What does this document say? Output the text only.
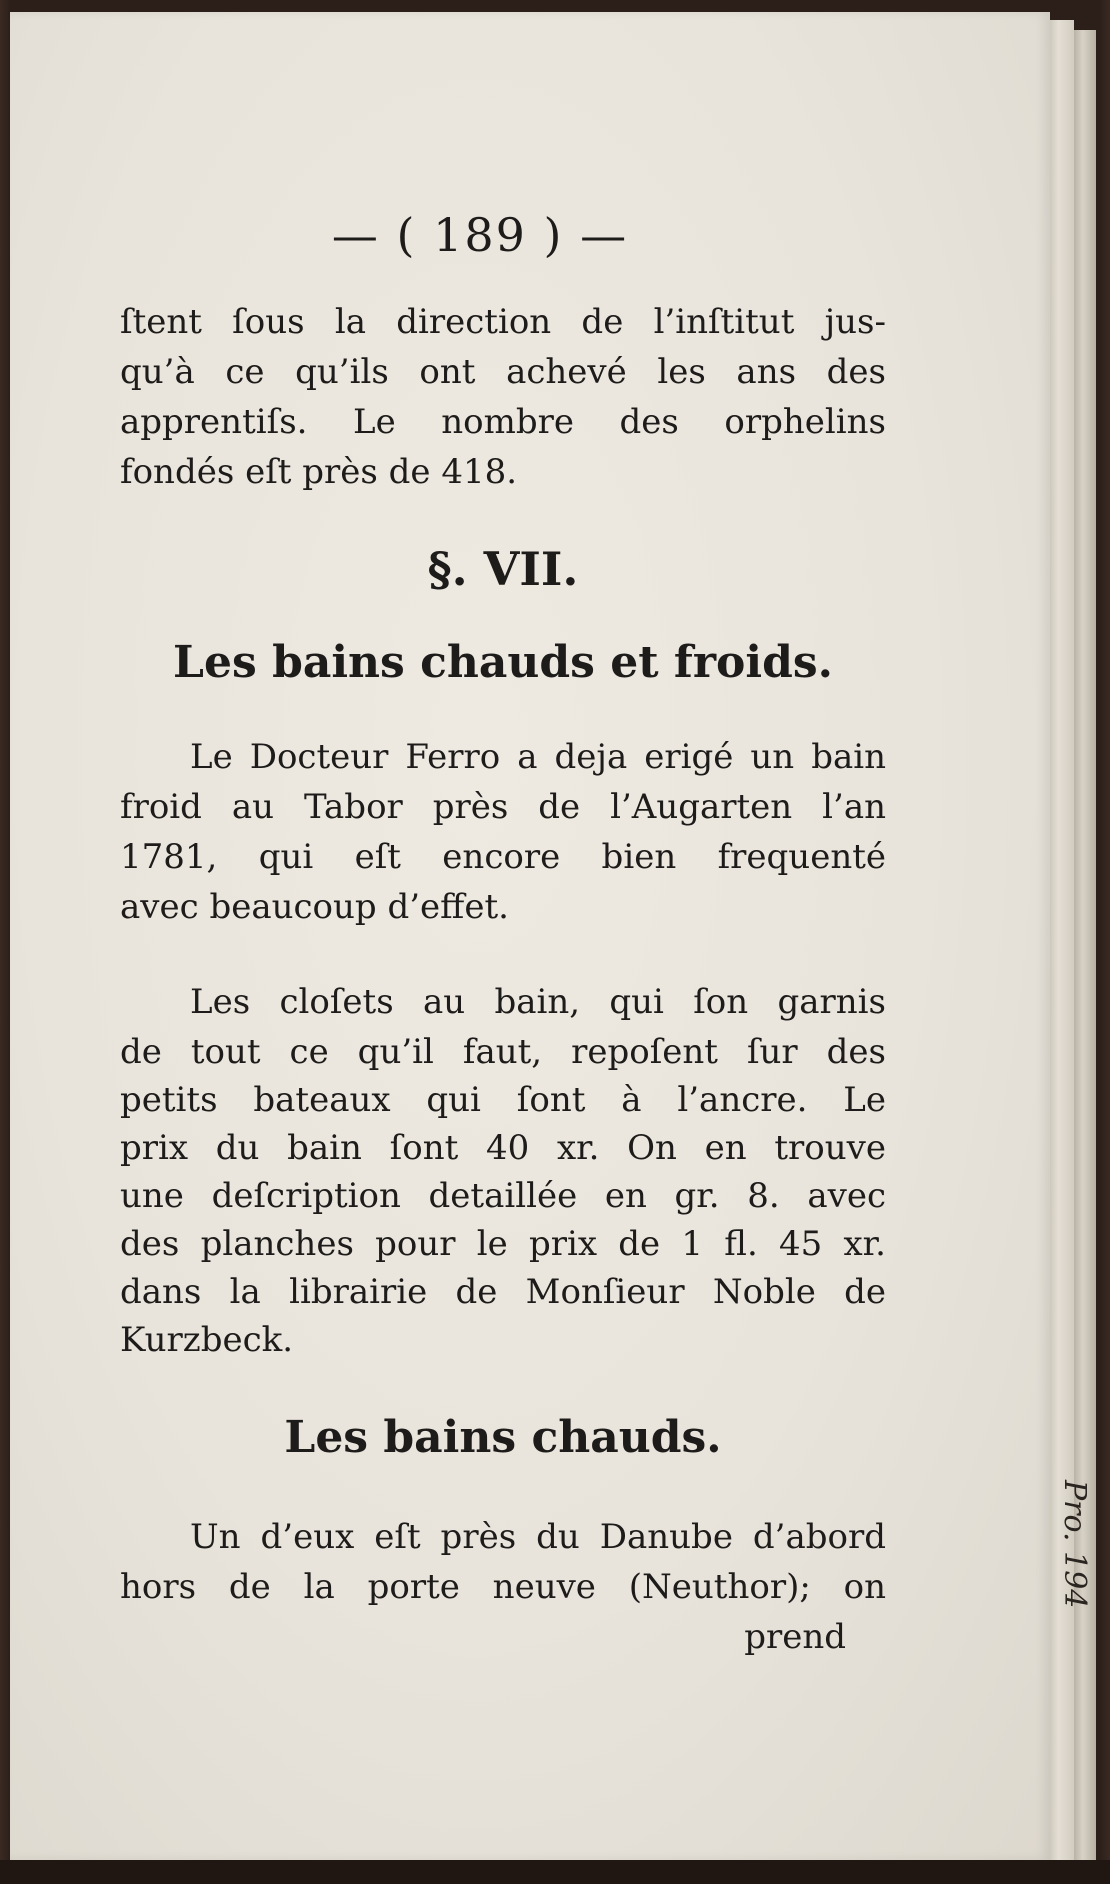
— ( 189 ) —
ſtent ſous la direction de l’inſtitut jus-
qu’à ce qu’ils ont achevé les ans des
apprentiſs. Le nombre des orphelins
fondés eſt près de 418.
§. VII.
Les bains chauds et froids.
Le Docteur Ferro a deja erigé un bain
froid au Tabor près de l’Augarten l’an
1781, qui eſt encore bien frequenté
avec beaucoup d’effet.
Les cloſets au bain, qui ſon garnis
de tout ce qu’il faut, repoſent ſur des
petits bateaux qui ſont à l’ancre. Le
prix du bain ſont 40 xr. On en trouve
une deſcription detaillée en gr. 8. avec
des planches pour le prix de 1 fl. 45 xr.
dans la librairie de Monſieur Noble de
Kurzbeck.
Les bains chauds.
Un d’eux eſt près du Danube d’abord
hors de la porte neuve (Neuthor); on
prend
Pro. 194
